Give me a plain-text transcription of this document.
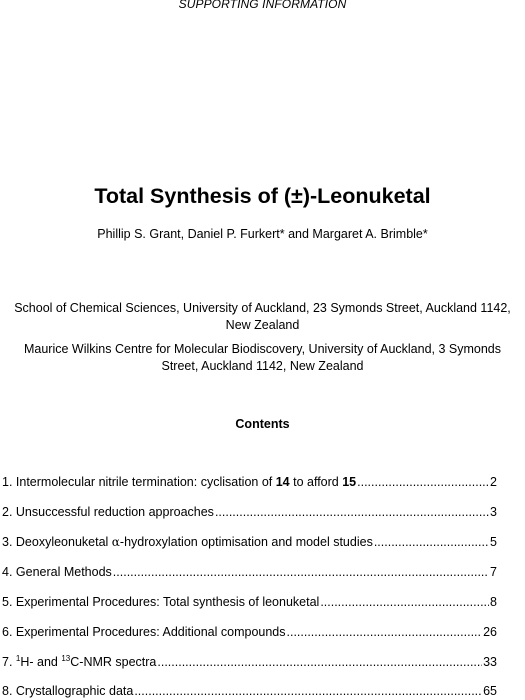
SUPPORTING INFORMATION
Total Synthesis of (±)-Leonuketal
Phillip S. Grant, Daniel P. Furkert* and Margaret A. Brimble*
School of Chemical Sciences, University of Auckland, 23 Symonds Street, Auckland 1142,
New Zealand
Maurice Wilkins Centre for Molecular Biodiscovery, University of Auckland, 3 Symonds
Street, Auckland 1142, New Zealand
Contents
1. Intermolecular nitrile termination: cyclisation of 14 to afford 15 .....	2
2. Unsuccessful reduction approaches .....	3
3. Deoxyleonuketal α-hydroxylation optimisation and model studies .....	5
4. General Methods .....	7
5. Experimental Procedures: Total synthesis of leonuketal .....	8
6. Experimental Procedures: Additional compounds .....	26
7. $^1$H- and $^{13}$C-NMR spectra .....	33
8. Crystallographic data .....	65
